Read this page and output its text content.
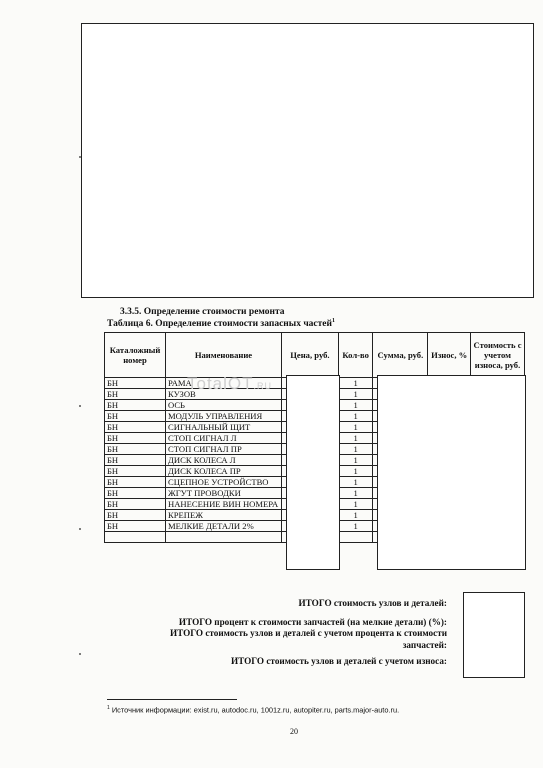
3.3.5. Определение стоимости ремонта
Таблица 6. Определение стоимости запасных частей$^1$
Каталожный номер	Наименование	Цена, руб.	Кол-во	Сумма, руб.	Износ, %	Стоимость с учетом износа, руб.
БН	РАМА		1			
БН	КУЗОВ		1			
БН	ОСЬ		1			
БН	МОДУЛЬ УПРАВЛЕНИЯ		1			
БН	СИГНАЛЬНЫЙ ЩИТ		1			
БН	СТОП СИГНАЛ Л		1			
БН	СТОП СИГНАЛ ПР		1			
БН	ДИСК КОЛЕСА Л		1			
БН	ДИСК КОЛЕСА ПР		1			
БН	СЦЕПНОЕ УСТРОЙСТВО		1			
БН	ЖГУТ ПРОВОДКИ		1			
БН	НАНЕСЕНИЕ ВИН НОМЕРА		1			
БН	КРЕПЕЖ		1			
БН	МЕЛКИЕ ДЕТАЛИ 2%		1			

TotalOT.RU
ИТОГО стоимость узлов и деталей:
ИТОГО процент к стоимости запчастей (на мелкие детали) (%):
ИТОГО стоимость узлов и деталей с учетом процента к стоимости
запчастей:
ИТОГО стоимость узлов и деталей с учетом износа:
$^1$ Источник информации: exist.ru, autodoc.ru, 1001z.ru, autopiter.ru, parts.major-auto.ru.
20
